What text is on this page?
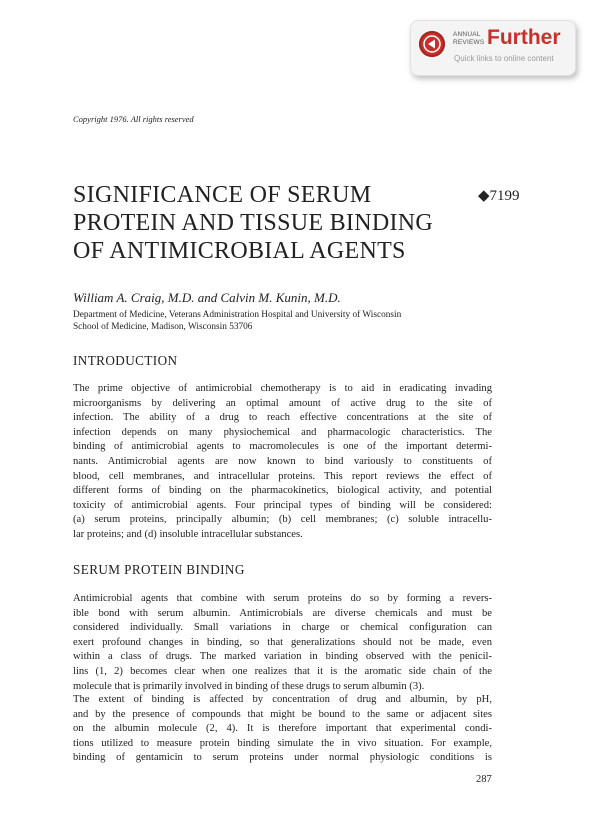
ANNUAL REVIEWS Further
Quick links to online content
Copyright 1976. All rights reserved
SIGNIFICANCE OF SERUM
PROTEIN AND TISSUE BINDING
OF ANTIMICROBIAL AGENTS
◆7199
William A. Craig, M.D. and Calvin M. Kunin, M.D.
Department of Medicine, Veterans Administration Hospital and University of Wisconsin
School of Medicine, Madison, Wisconsin 53706
INTRODUCTION
The prime objective of antimicrobial chemotherapy is to aid in eradicating invading
microorganisms by delivering an optimal amount of active drug to the site of
infection. The ability of a drug to reach effective concentrations at the site of
infection depends on many physiochemical and pharmacologic characteristics. The
binding of antimicrobial agents to macromolecules is one of the important determi-
nants. Antimicrobial agents are now known to bind variously to constituents of
blood, cell membranes, and intracellular proteins. This report reviews the effect of
different forms of binding on the pharmacokinetics, biological activity, and potential
toxicity of antimicrobial agents. Four principal types of binding will be considered:
(a) serum proteins, principally albumin; (b) cell membranes; (c) soluble intracellu-
lar proteins; and (d) insoluble intracellular substances.
SERUM PROTEIN BINDING
Antimicrobial agents that combine with serum proteins do so by forming a revers-
ible bond with serum albumin. Antimicrobials are diverse chemicals and must be
considered individually. Small variations in charge or chemical configuration can
exert profound changes in binding, so that generalizations should not be made, even
within a class of drugs. The marked variation in binding observed with the penicil-
lins (1, 2) becomes clear when one realizes that it is the aromatic side chain of the
molecule that is primarily involved in binding of these drugs to serum albumin (3).
The extent of binding is affected by concentration of drug and albumin, by pH,
and by the presence of compounds that might be bound to the same or adjacent sites
on the albumin molecule (2, 4). It is therefore important that experimental condi-
tions utilized to measure protein binding simulate the in vivo situation. For example,
binding of gentamicin to serum proteins under normal physiologic conditions is
287
